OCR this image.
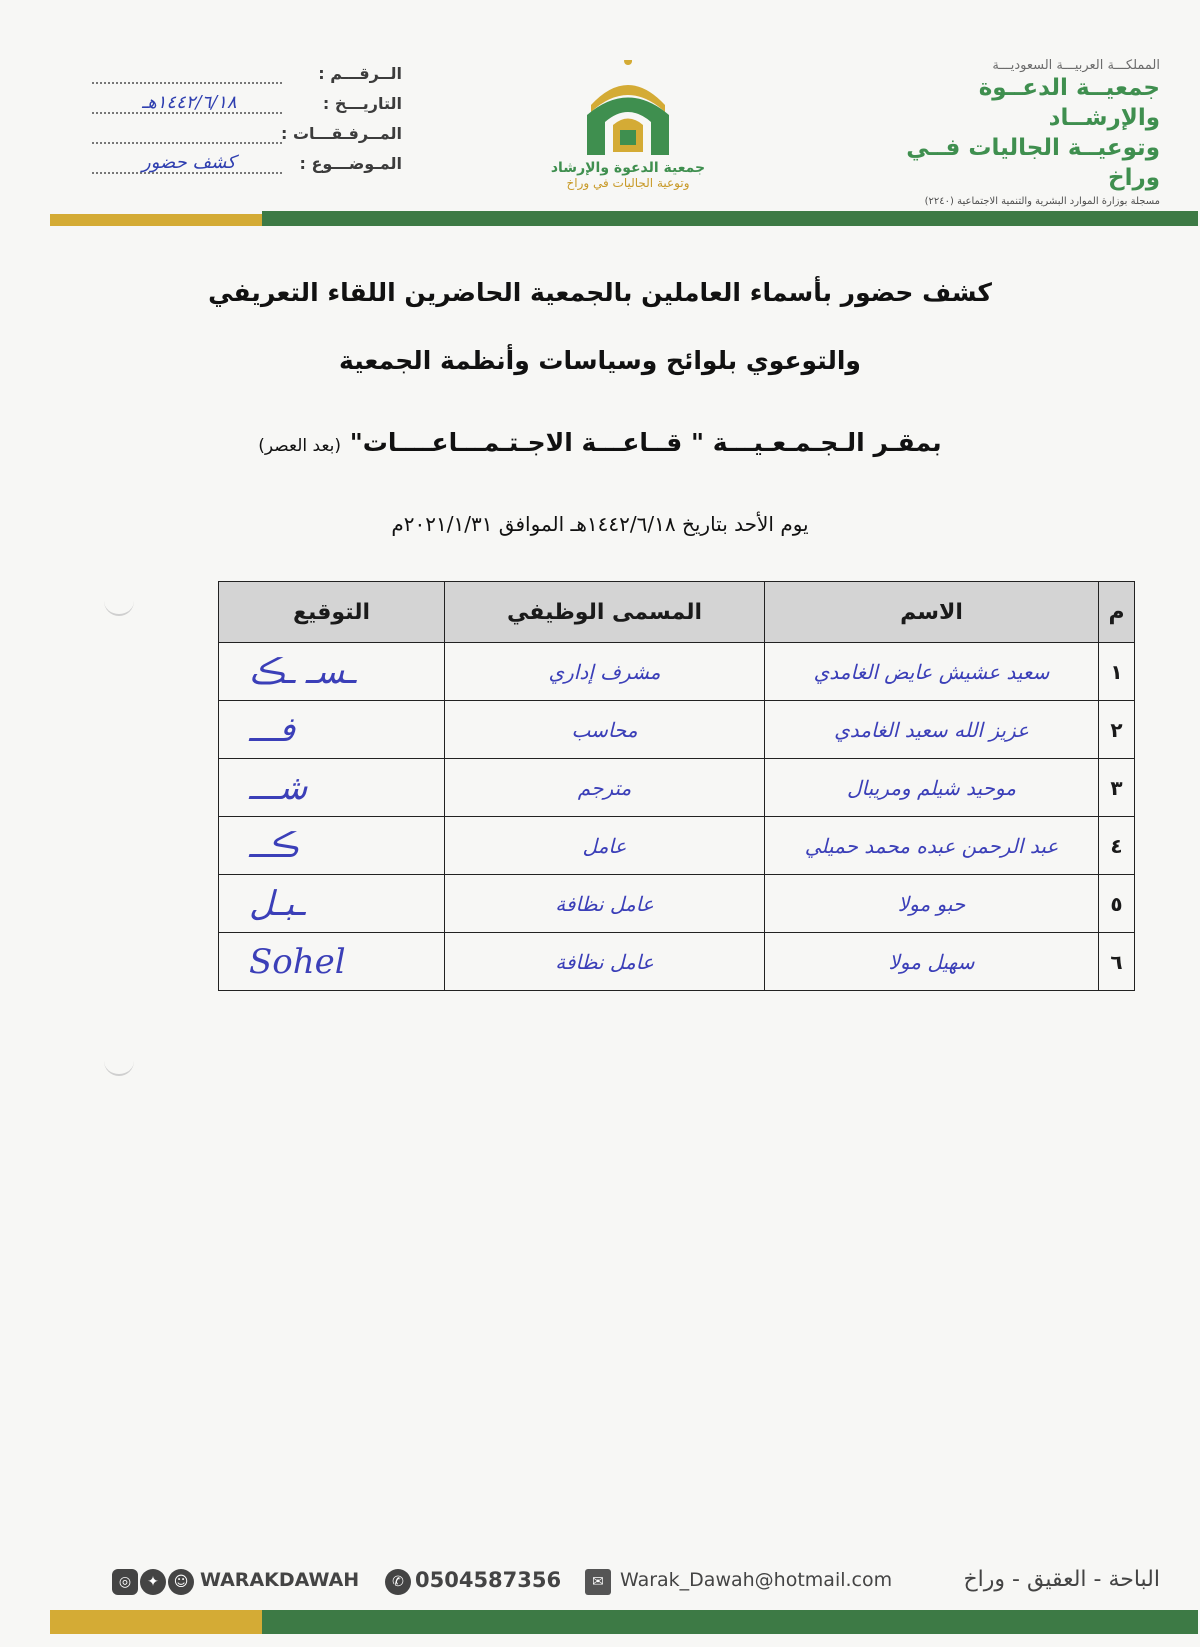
المملكـــة العربيـــة السعوديـــة
جمعيــة الدعــوة والإرشــاد
وتوعيــة الجاليات فــي وراخ
مسجلة بوزارة الموارد البشرية والتنمية الاجتماعية (٢٢٤٠)
جمعية الدعوة والإرشاد
وتوعية الجاليات في وراخ
الــرقـــم :
التاريـــخ :
١٤٤٢/٦/١٨هـ
المــرفـقـــات :
المـوضـــوع :
كشف حضور
كشف حضور بأسماء العاملين بالجمعية الحاضرين اللقاء التعريفي
والتوعوي بلوائح وسياسات وأنظمة الجمعية
بمقـر الـجـمـعـيـــة " قــاعـــة الاجـتـمـــاعــــات" (بعد العصر)
يوم الأحد بتاريخ ١٤٤٢/٦/١٨هـ الموافق ٢٠٢١/١/٣١م
م	الاسم	المسمى الوظيفي	التوقيع
١	سعيد عشيش عايض الغامدي	مشرف إداري	ـسـ ـڪ
٢	عزيز الله سعيد الغامدي	محاسب	فـــ
٣	موحيد شيلم ومريبال	مترجم	شـــ
٤	عبد الرحمن عبده محمد حميلي	عامل	ڪــ
٥	حبو مولا	عامل نظافة	ـبـل
٦	سهيل مولا	عامل نظافة	Sohel
الباحة - العقيق - وراخ
✉ Warak_Dawah@hotmail.com
✆ 0504587356
☺
✦
◎	WARAKDAWAH
